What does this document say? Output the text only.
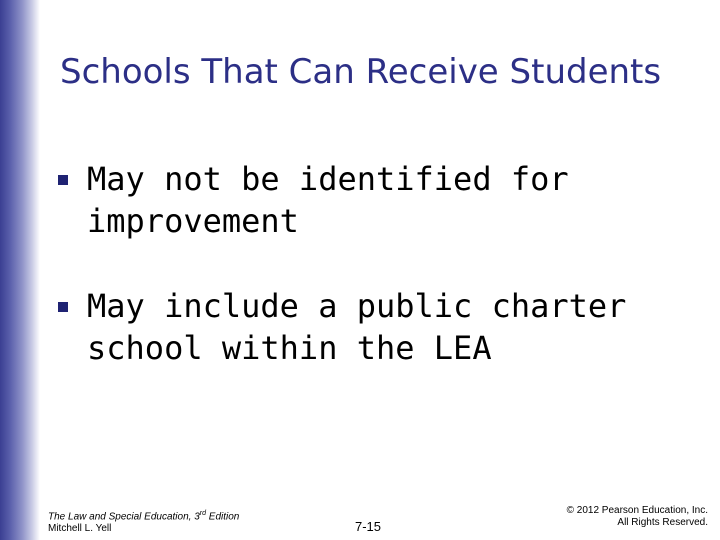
Schools That Can Receive Students
May not be identified for improvement
May include a public charter school within the LEA
The Law and Special Education, 3rd Edition
Mitchell L. Yell	7-15
© 2012 Pearson Education, Inc.
All Rights Reserved.
